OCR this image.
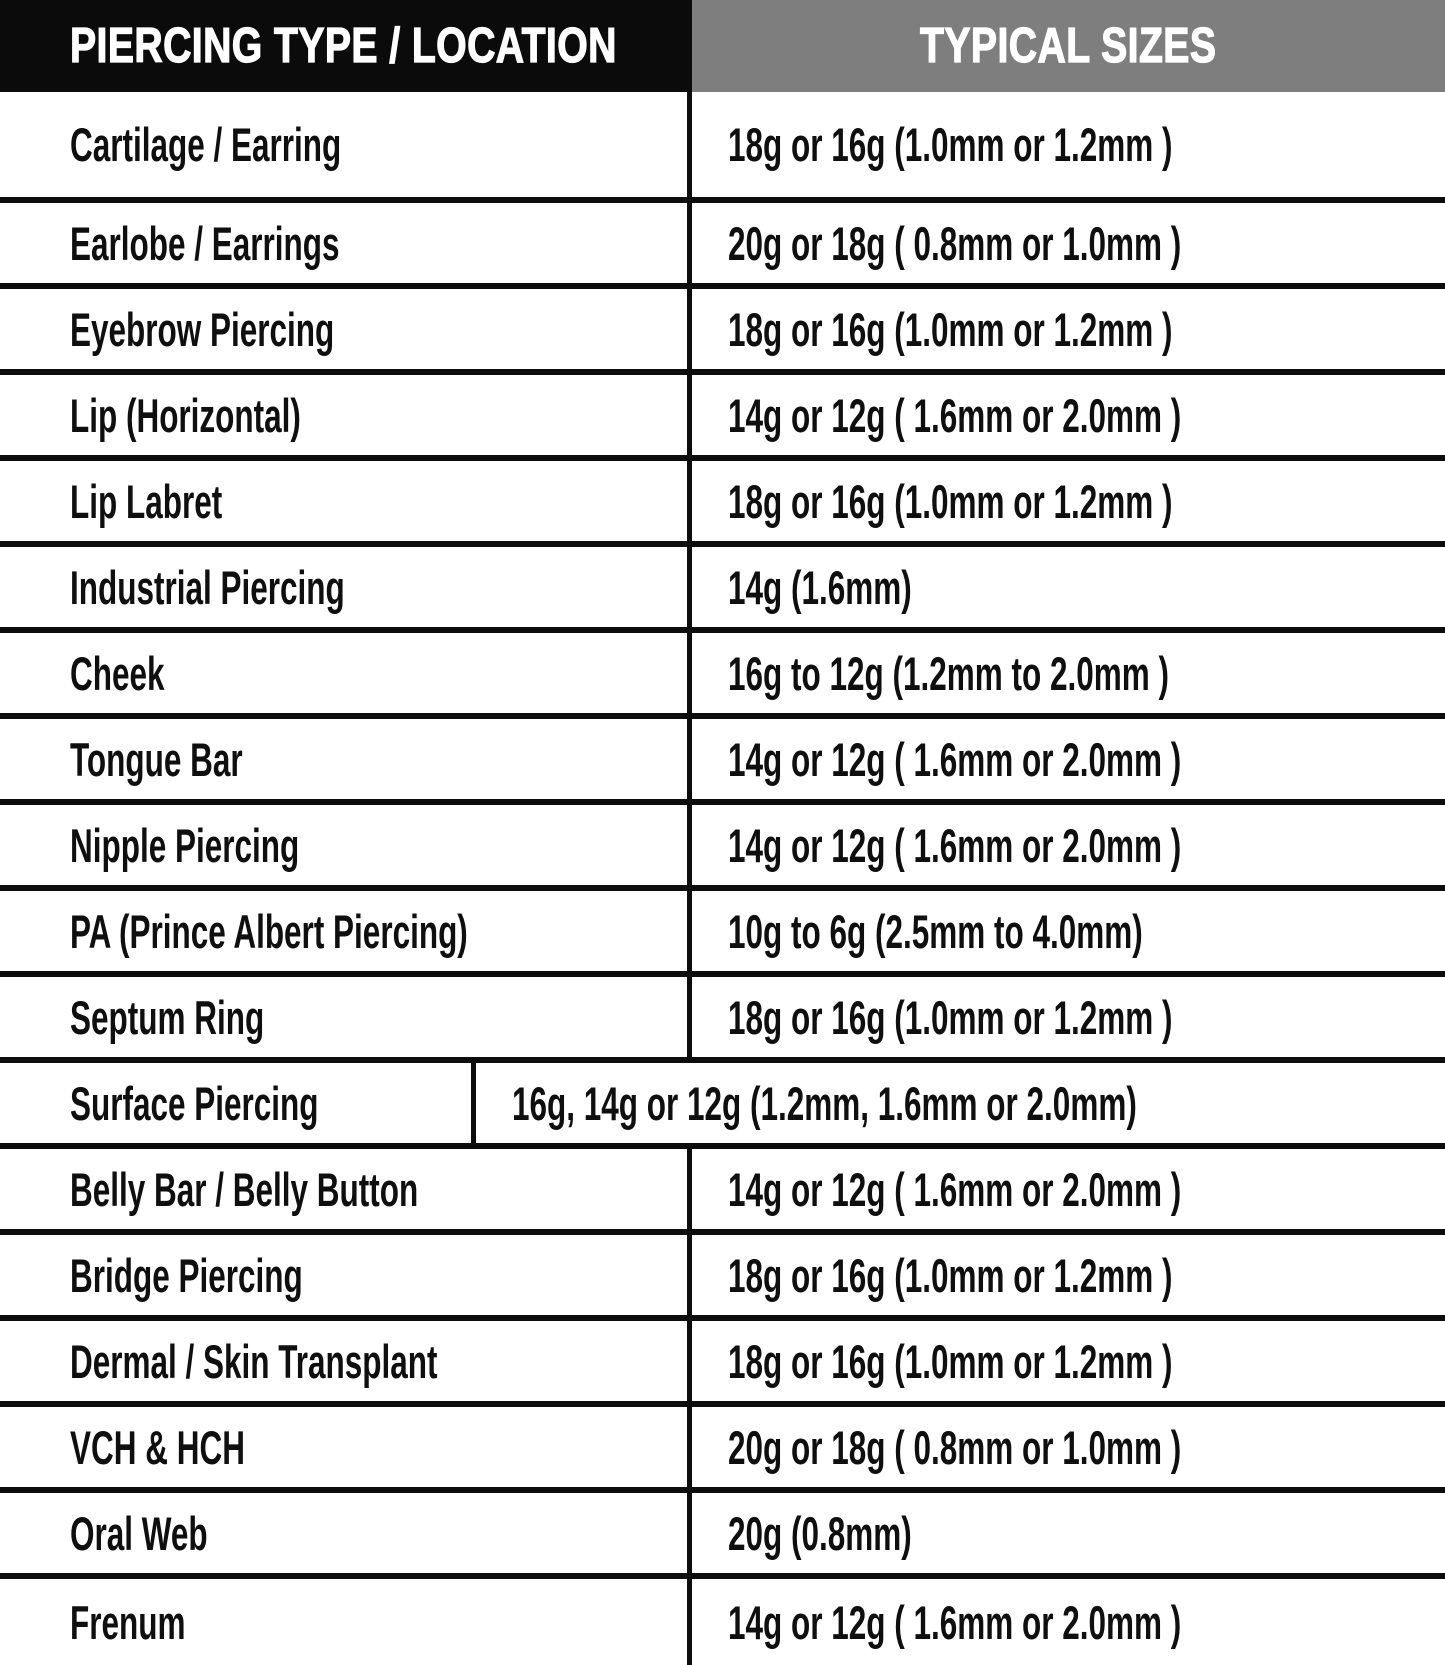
PIERCING TYPE / LOCATION	TYPICAL SIZES
Cartilage / Earring	18g or 16g (1.0mm or 1.2mm )
Earlobe / Earrings	20g or 18g ( 0.8mm or 1.0mm )
Eyebrow Piercing	18g or 16g (1.0mm or 1.2mm )
Lip (Horizontal)	14g or 12g ( 1.6mm or 2.0mm )
Lip Labret	18g or 16g (1.0mm or 1.2mm )
Industrial Piercing	14g (1.6mm)
Cheek	16g to 12g (1.2mm to 2.0mm )
Tongue Bar	14g or 12g ( 1.6mm or 2.0mm )
Nipple Piercing	14g or 12g ( 1.6mm or 2.0mm )
PA (Prince Albert Piercing)	10g to 6g (2.5mm to 4.0mm)
Septum Ring	18g or 16g (1.0mm or 1.2mm )
Surface Piercing	16g, 14g or 12g (1.2mm, 1.6mm or 2.0mm)
Belly Bar / Belly Button	14g or 12g ( 1.6mm or 2.0mm )
Bridge Piercing	18g or 16g (1.0mm or 1.2mm )
Dermal / Skin Transplant	18g or 16g (1.0mm or 1.2mm )
VCH & HCH	20g or 18g ( 0.8mm or 1.0mm )
Oral Web	20g (0.8mm)
Frenum	14g or 12g ( 1.6mm or 2.0mm )
